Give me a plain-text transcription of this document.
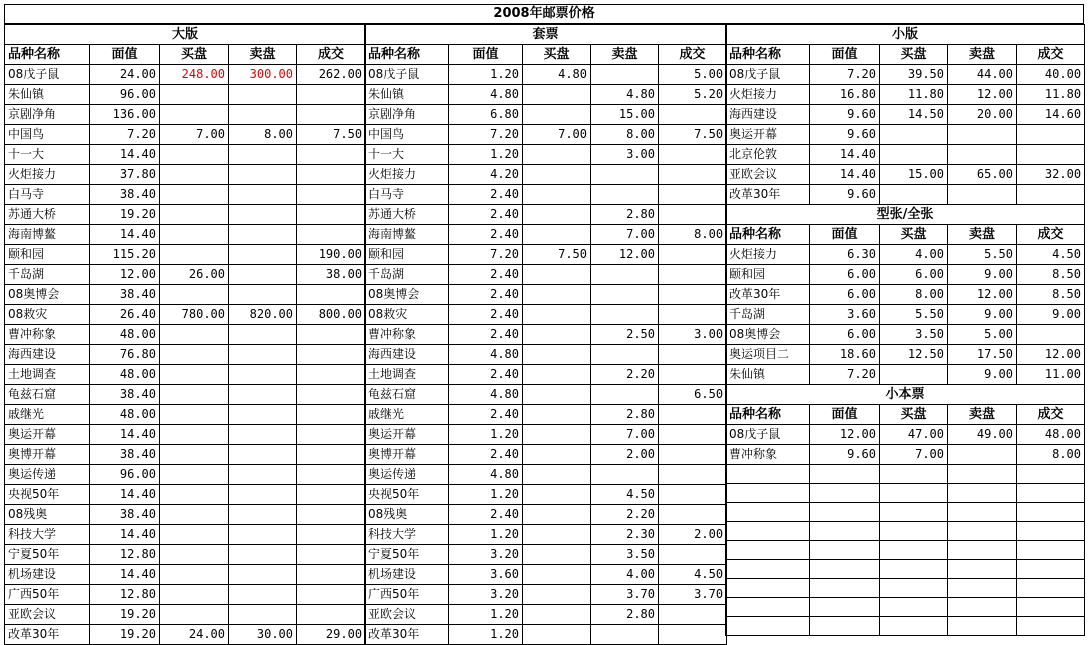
2008年邮票价格
大版				
品种名称	面值	买盘	卖盘	成交
08戊子鼠	24.00	248.00	300.00	262.00
朱仙镇	96.00			
京剧净角	136.00			
中国鸟	7.20	7.00	8.00	7.50
十一大	14.40			
火炬接力	37.80			
白马寺	38.40			
苏通大桥	19.20			
海南博鳌	14.40			
颐和园	115.20			190.00
千岛湖	12.00	26.00		38.00
08奥博会	38.40			
08救灾	26.40	780.00	820.00	800.00
曹冲称象	48.00			
海西建设	76.80			
土地调查	48.00			
龟兹石窟	38.40			
戚继光	48.00			
奥运开幕	14.40			
奥博开幕	38.40			
奥运传递	96.00			
央视50年	14.40			
08残奥	38.40			
科技大学	14.40			
宁夏50年	12.80			
机场建设	14.40			
广西50年	12.80			
亚欧会议	19.20			
改革30年	19.20	24.00	30.00	29.00
套票				
品种名称	面值	买盘	卖盘	成交
08戊子鼠	1.20	4.80		5.00
朱仙镇	4.80		4.80	5.20
京剧净角	6.80		15.00	
中国鸟	7.20	7.00	8.00	7.50
十一大	1.20		3.00	
火炬接力	4.20			
白马寺	2.40			
苏通大桥	2.40		2.80	
海南博鳌	2.40		7.00	8.00
颐和园	7.20	7.50	12.00	
千岛湖	2.40			
08奥博会	2.40			
08救灾	2.40			
曹冲称象	2.40		2.50	3.00
海西建设	4.80			
土地调查	2.40		2.20	
龟兹石窟	4.80			6.50
戚继光	2.40		2.80	
奥运开幕	1.20		7.00	
奥博开幕	2.40		2.00	
奥运传递	4.80			
央视50年	1.20		4.50	
08残奥	2.40		2.20	
科技大学	1.20		2.30	2.00
宁夏50年	3.20		3.50	
机场建设	3.60		4.00	4.50
广西50年	3.20		3.70	3.70
亚欧会议	1.20		2.80	
改革30年	1.20			
小版				
品种名称	面值	买盘	卖盘	成交
08戊子鼠	7.20	39.50	44.00	40.00
火炬接力	16.80	11.80	12.00	11.80
海西建设	9.60	14.50	20.00	14.60
奥运开幕	9.60			
北京伦敦	14.40			
亚欧会议	14.40	15.00	65.00	32.00
改革30年	9.60			
型张/全张				
品种名称	面值	买盘	卖盘	成交
火炬接力	6.30	4.00	5.50	4.50
颐和园	6.00	6.00	9.00	8.50
改革30年	6.00	8.00	12.00	8.50
千岛湖	3.60	5.50	9.00	9.00
08奥博会	6.00	3.50	5.00	
奥运项目二	18.60	12.50	17.50	12.00
朱仙镇	7.20		9.00	11.00
小本票				
品种名称	面值	买盘	卖盘	成交
08戊子鼠	12.00	47.00	49.00	48.00
曹冲称象	9.60	7.00		8.00
